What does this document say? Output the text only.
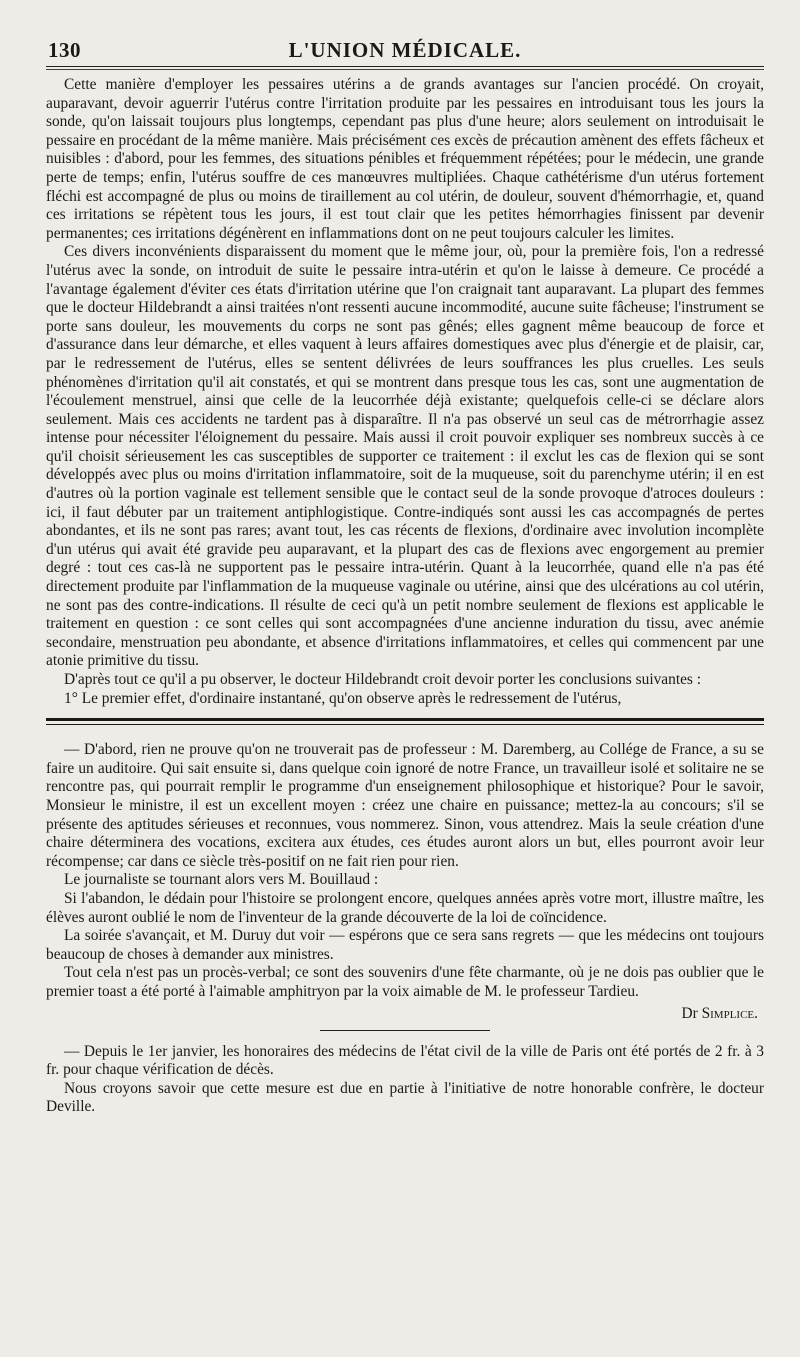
130	L'UNION MÉDICALE.

Cette manière d'employer les pessaires utérins a de grands avantages sur l'ancien procédé. On croyait, auparavant, devoir aguerrir l'utérus contre l'irritation produite par les pessaires en introduisant tous les jours la sonde, qu'on laissait toujours plus longtemps, cependant pas plus d'une heure; alors seulement on introduisait le pessaire en procédant de la même manière. Mais précisément ces excès de précaution amènent des effets fâcheux et nuisibles : d'abord, pour les femmes, des situations pénibles et fréquemment répétées; pour le médecin, une grande perte de temps; enfin, l'utérus souffre de ces manœuvres multipliées. Chaque cathétérisme d'un utérus fortement fléchi est accompagné de plus ou moins de tiraillement au col utérin, de douleur, souvent d'hémorrhagie, et, quand ces irritations se répètent tous les jours, il est tout clair que les petites hémorrhagies finissent par devenir permanentes; ces irritations dégénèrent en inflammations dont on ne peut toujours calculer les limites.

Ces divers inconvénients disparaissent du moment que le même jour, où, pour la première fois, l'on a redressé l'utérus avec la sonde, on introduit de suite le pessaire intra-utérin et qu'on le laisse à demeure. Ce procédé a l'avantage également d'éviter ces états d'irritation utérine que l'on craignait tant auparavant. La plupart des femmes que le docteur Hildebrandt a ainsi traitées n'ont ressenti aucune incommodité, aucune suite fâcheuse; l'instrument se porte sans douleur, les mouvements du corps ne sont pas gênés; elles gagnent même beaucoup de force et d'assurance dans leur démarche, et elles vaquent à leurs affaires domestiques avec plus d'énergie et de plaisir, car, par le redressement de l'utérus, elles se sentent délivrées de leurs souffrances les plus cruelles. Les seuls phénomènes d'irritation qu'il ait constatés, et qui se montrent dans presque tous les cas, sont une augmentation de l'écoulement menstruel, ainsi que celle de la leucorrhée déjà existante; quelquefois celle-ci se déclare alors seulement. Mais ces accidents ne tardent pas à disparaître. Il n'a pas observé un seul cas de métrorrhagie assez intense pour nécessiter l'éloignement du pessaire. Mais aussi il croit pouvoir expliquer ses nombreux succès à ce qu'il choisit sérieusement les cas susceptibles de supporter ce traitement : il exclut les cas de flexion qui se sont développés avec plus ou moins d'irritation inflammatoire, soit de la muqueuse, soit du parenchyme utérin; il en est d'autres où la portion vaginale est tellement sensible que le contact seul de la sonde provoque d'atroces douleurs : ici, il faut débuter par un traitement antiphlogistique. Contre-indiqués sont aussi les cas accompagnés de pertes abondantes, et ils ne sont pas rares; avant tout, les cas récents de flexions, d'ordinaire avec involution incomplète d'un utérus qui avait été gravide peu auparavant, et la plupart des cas de flexions avec engorgement au premier degré : tout ces cas-là ne supportent pas le pessaire intra-utérin. Quant à la leucorrhée, quand elle n'a pas été directement produite par l'inflammation de la muqueuse vaginale ou utérine, ainsi que des ulcérations au col utérin, ne sont pas des contre-indications. Il résulte de ceci qu'à un petit nombre seulement de flexions est applicable le traitement en question : ce sont celles qui sont accompagnées d'une ancienne induration du tissu, avec anémie secondaire, menstruation peu abondante, et absence d'irritations inflammatoires, et celles qui commencent par une atonie primitive du tissu.

D'après tout ce qu'il a pu observer, le docteur Hildebrandt croit devoir porter les conclusions suivantes :

1° Le premier effet, d'ordinaire instantané, qu'on observe après le redressement de l'utérus,

— D'abord, rien ne prouve qu'on ne trouverait pas de professeur : M. Daremberg, au Collége de France, a su se faire un auditoire. Qui sait ensuite si, dans quelque coin ignoré de notre France, un travailleur isolé et solitaire ne se rencontre pas, qui pourrait remplir le programme d'un enseignement philosophique et historique? Pour le savoir, Monsieur le ministre, il est un excellent moyen : créez une chaire en puissance; mettez-la au concours; s'il se présente des aptitudes sérieuses et reconnues, vous nommerez. Sinon, vous attendrez. Mais la seule création d'une chaire déterminera des vocations, excitera aux études, ces études auront alors un but, elles pourront avoir leur récompense; car dans ce siècle très-positif on ne fait rien pour rien.

Le journaliste se tournant alors vers M. Bouillaud :

Si l'abandon, le dédain pour l'histoire se prolongent encore, quelques années après votre mort, illustre maître, les élèves auront oublié le nom de l'inventeur de la grande découverte de la loi de coïncidence.

La soirée s'avançait, et M. Duruy dut voir — espérons que ce sera sans regrets — que les médecins ont toujours beaucoup de choses à demander aux ministres.

Tout cela n'est pas un procès-verbal; ce sont des souvenirs d'une fête charmante, où je ne dois pas oublier que le premier toast a été porté à l'aimable amphitryon par la voix aimable de M. le professeur Tardieu.

Dr Simplice.

— Depuis le 1er janvier, les honoraires des médecins de l'état civil de la ville de Paris ont été portés de 2 fr. à 3 fr. pour chaque vérification de décès.

Nous croyons savoir que cette mesure est due en partie à l'initiative de notre honorable confrère, le docteur Deville.
